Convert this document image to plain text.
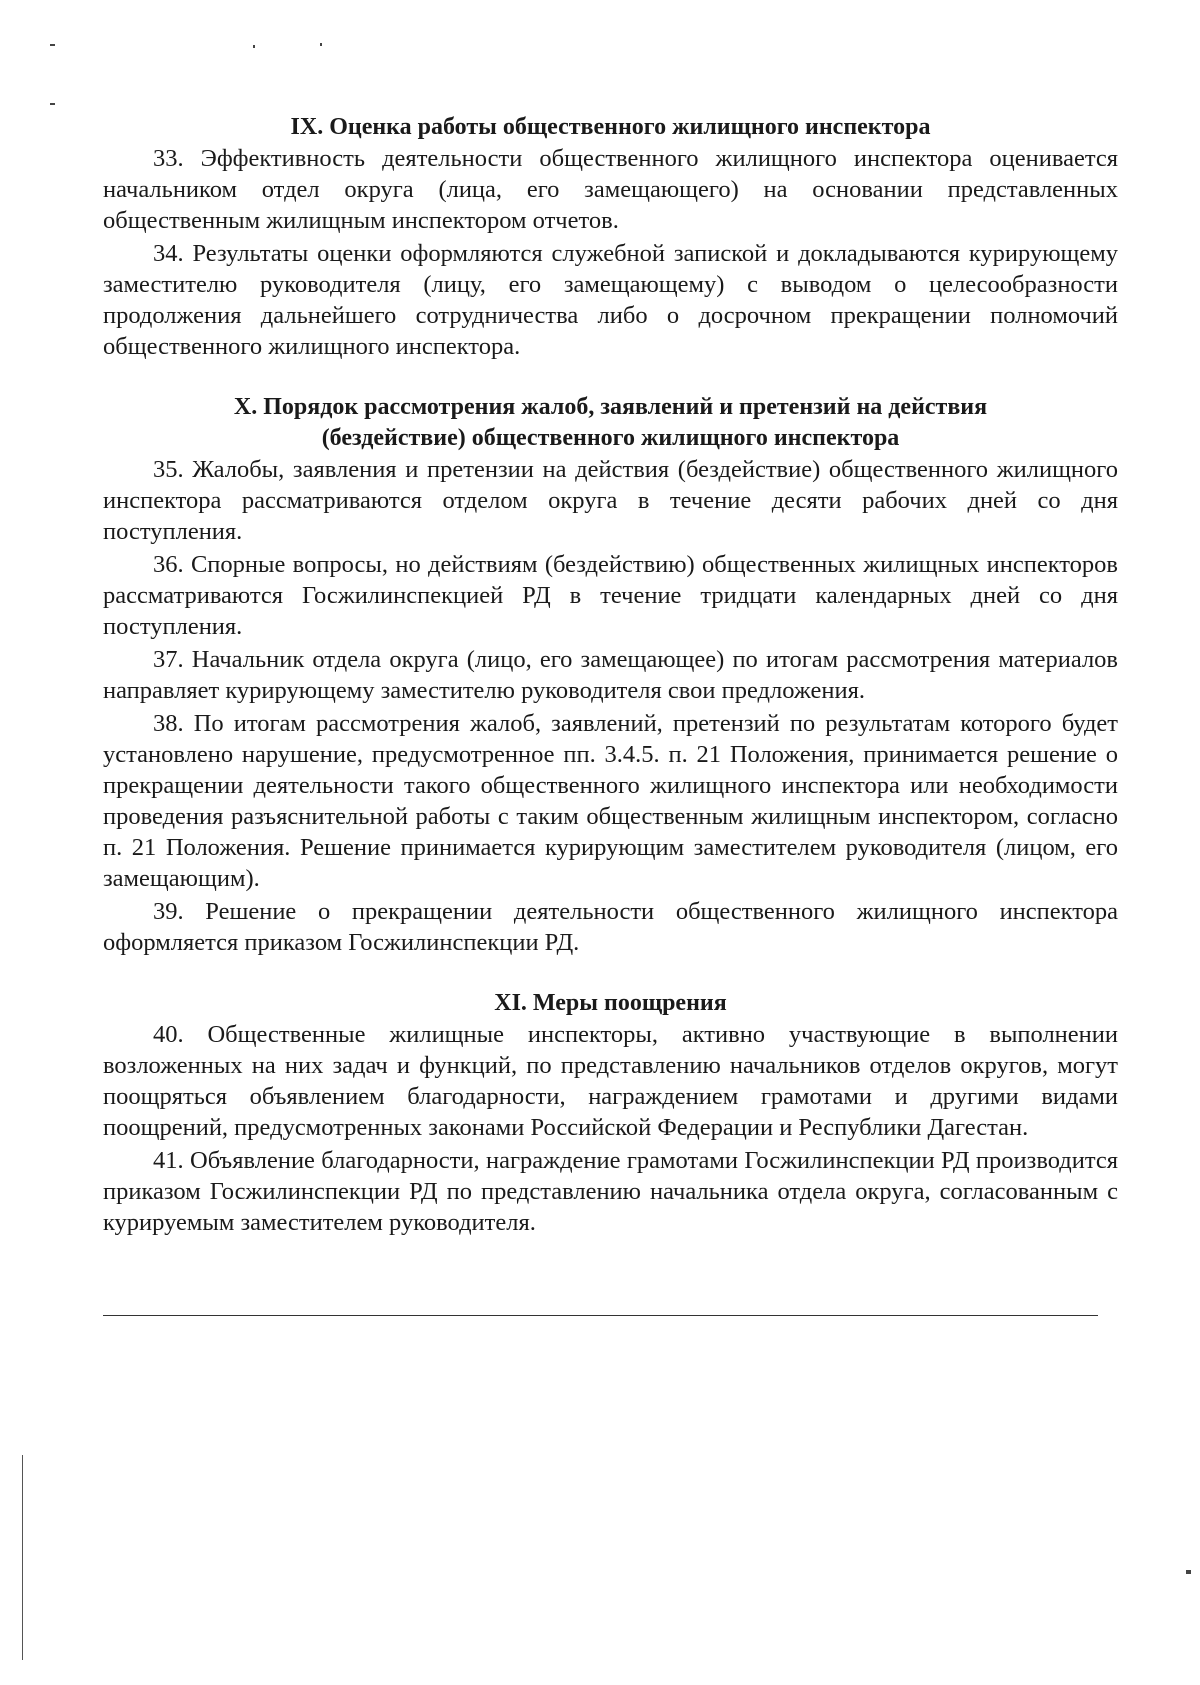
IX. Оценка работы общественного жилищного инспектора

33. Эффективность деятельности общественного жилищного инспектора оценивается начальником отдел округа (лица, его замещающего) на основании представленных общественным жилищным инспектором отчетов.

34. Результаты оценки оформляются служебной запиской и докладываются курирующему заместителю руководителя (лицу, его замещающему) с выводом о целесообразности продолжения дальнейшего сотрудничества либо о досрочном прекращении полномочий общественного жилищного инспектора.

X. Порядок рассмотрения жалоб, заявлений и претензий на действия

(бездействие) общественного жилищного инспектора

35. Жалобы, заявления и претензии на действия (бездействие) общественного жилищного инспектора рассматриваются отделом округа в течение десяти рабочих дней со дня поступления.

36. Спорные вопросы, но действиям (бездействию) общественных жилищных инспекторов рассматриваются Госжилинспекцией РД в течение тридцати календарных дней со дня поступления.

37. Начальник отдела округа (лицо, его замещающее) по итогам рассмотрения материалов направляет курирующему заместителю руководителя свои предложения.

38. По итогам рассмотрения жалоб, заявлений, претензий по результатам которого будет установлено нарушение, предусмотренное пп. 3.4.5. п. 21 Положения, принимается решение о прекращении деятельности такого общественного жилищного инспектора или необходимости проведения разъяснительной работы с таким общественным жилищным инспектором, согласно п. 21 Положения. Решение принимается курирующим заместителем руководителя (лицом, его замещающим).

39. Решение о прекращении деятельности общественного жилищного инспектора оформляется приказом Госжилинспекции РД.

XI. Меры поощрения

40. Общественные жилищные инспекторы, активно участвующие в выполнении возложенных на них задач и функций, по представлению начальников отделов округов, могут поощряться объявлением благодарности, награждением грамотами и другими видами поощрений, предусмотренных законами Российской Федерации и Республики Дагестан.

41. Объявление благодарности, награждение грамотами Госжилинспекции РД производится приказом Госжилинспекции РД по представлению начальника отдела округа, согласованным с курируемым заместителем руководителя.
